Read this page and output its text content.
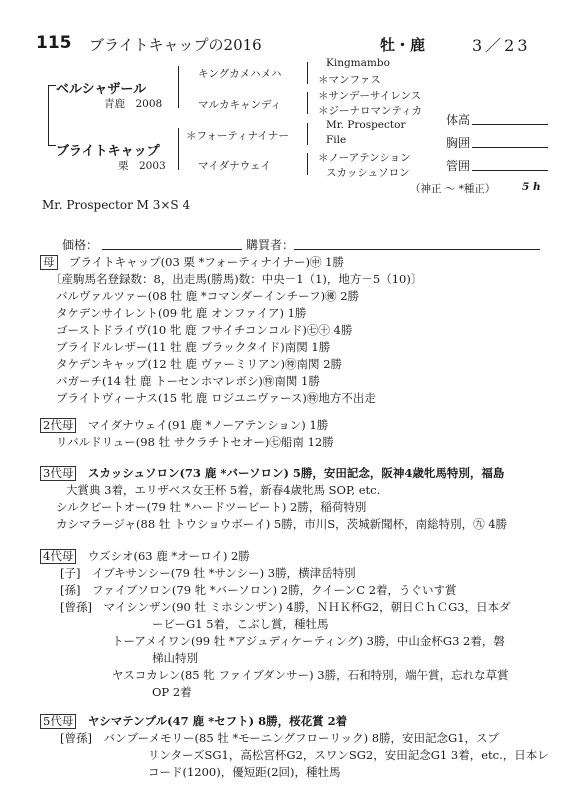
115 ブライトキャップの2016	牡・鹿	3／23
ベルシャザール
青鹿　2008
ブライトキャップ
栗　2003
キングカメハメハ
マルカキャンディ
＊フォーティナイナー
マイダナウェイ
Kingmambo
＊マンファス
＊サンデーサイレンス
＊ジーナロマンティカ
Mr. Prospector
File
＊ノーアテンション
スカッシュソロン
（神正 〜 *種正）	5 h
体高
胸囲
管囲
Mr. Prospector M 3×S 4
価格：	購買者：
母　 ブライトキャップ(03 栗 *フォーティナイナー)㊥ 1勝
〔産駒馬名登録数：8，出走馬(勝馬)数：中央－1（1)，地方－5（10)〕
バルヴァルツァー(08 牡 鹿 *コマンダーインチーフ)㊝ 2勝
タケデンサイレント(09 牝 鹿 オンファイア) 1勝
ゴーストドライヴ(10 牝 鹿 フサイチコンコルド)㊆㊉ 4勝
プライドルレザー(11 牡 鹿 ブラックタイド)南関 1勝
タケデンキャップ(12 牡 鹿 ヴァーミリアン)㊕南関 2勝
バガーチ(14 牡 鹿 トーセンホマレボシ)㊕南関 1勝
ブライトヴィーナス(15 牝 鹿 ロジユニヴァース)㊕地方不出走
2代母　 マイダナウェイ(91 鹿 *ノーアテンション) 1勝
リバルドリュー(98 牡 サクラチトセオー)㊆船南 12勝
3代母　 スカッシュソロン(73 鹿 *バーソロン) 5勝，安田記念，阪神4歳牝馬特別，福島
大賞典 3着，エリザベス女王杯 5着，新春4歳牝馬 SOP, etc.
シルクビートオー(79 牡 *ハードツービート) 2勝，稲荷特別
カシマラージャ(88 牡 トウショウボーイ) 5勝，市川S，茨城新聞杯，南総特別，㊈ 4勝
4代母　 ウズシオ(63 鹿 *オーロイ) 2勝
[子]　イブキサンシー(79 牡 *サンシー) 3勝，横津岳特別
[孫]　ファイブソロン(79 牝 *バーソロン) 2勝，クイーンC 2着，うぐいす賞
[曾孫]　マイシンザン(90 牡 ミホシンザン) 4勝，ＮＨＫ杯G2，朝日ＣｈＣG3，日本ダ
ービーG1 5着，こぶし賞，種牡馬
トーアメイワン(99 牡 *アジュディケーティング) 3勝，中山金杯G3 2着，磐
梯山特別
ヤスコカレン(85 牝 ファイブダンサー) 3勝，石和特別，端午賞，忘れな草賞
OP 2着
5代母　 ヤシマテンプル(47 鹿 *セフト) 8勝，桜花賞 2着
[曾孫]　バンブーメモリー(85 牡 *モーニングフローリック) 8勝，安田記念G1，スプ
リンターズSG1，高松宮杯G2，スワンSG2，安田記念G1 3着，etc.，日本レ
コード(1200)，優短距(2回)，種牡馬
